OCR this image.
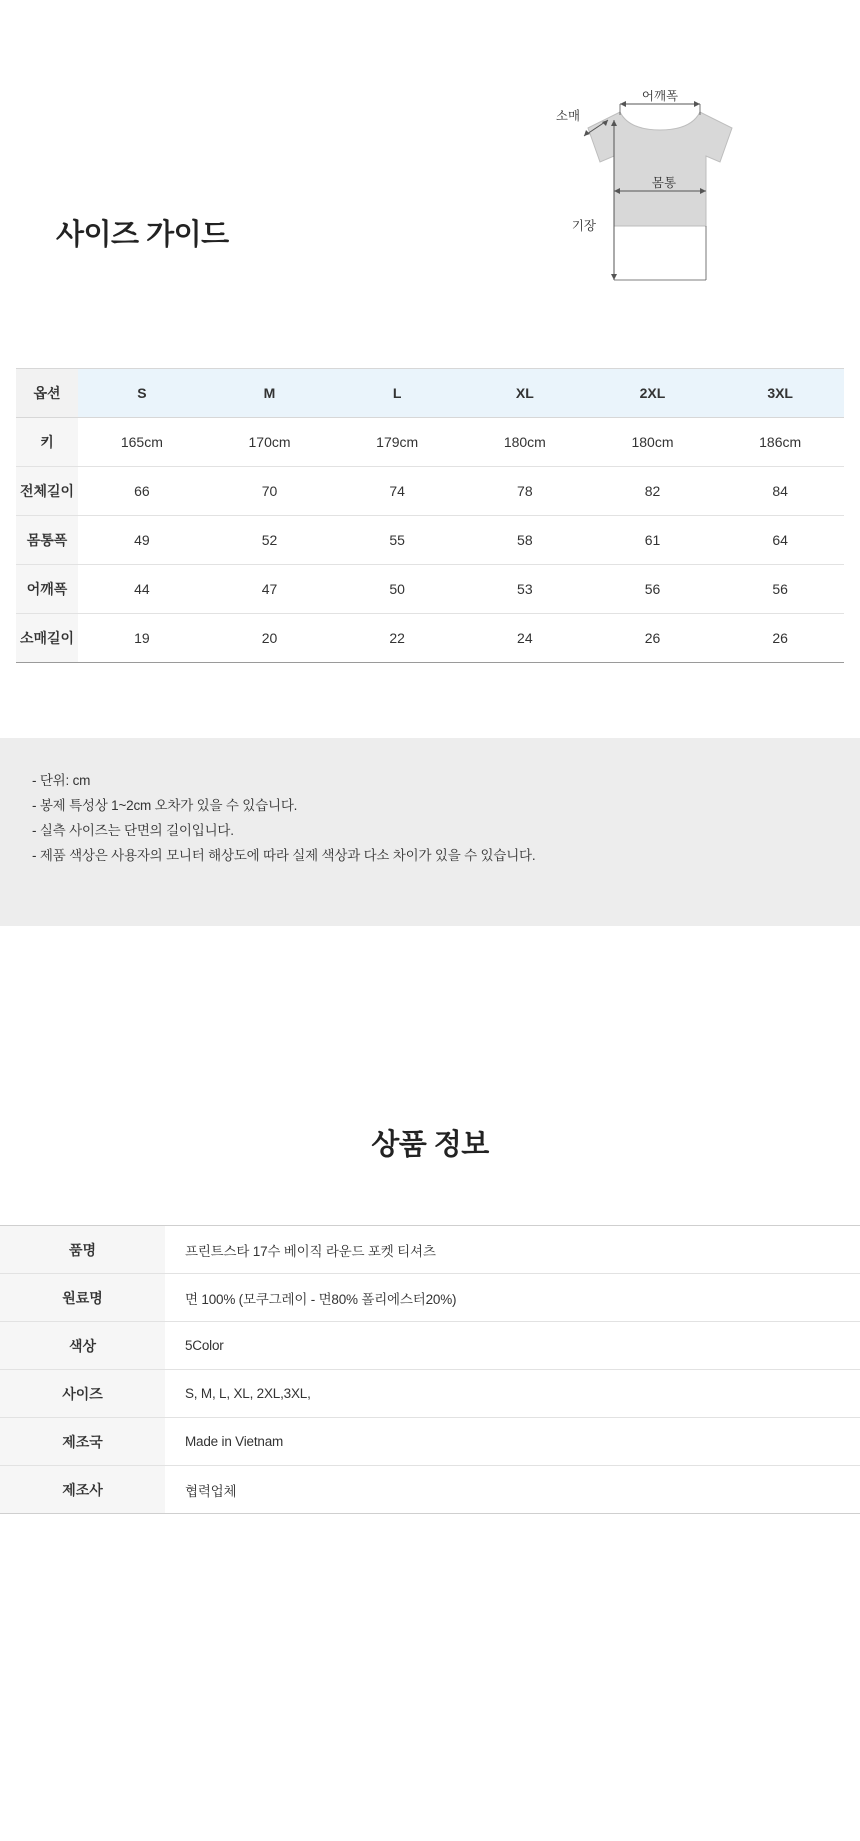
사이즈 가이드
어깨폭
소매
몸통
기장
옵션	S	M	L	XL	2XL	3XL
키	165cm	170cm	179cm	180cm	180cm	186cm
전체길이	66	70	74	78	82	84
몸통폭	49	52	55	58	61	64
어깨폭	44	47	50	53	56	56
소매길이	19	20	22	24	26	26
- 단위: cm
- 봉제 특성상 1~2cm 오차가 있을 수 있습니다.
- 실측 사이즈는 단면의 길이입니다.
- 제품 색상은 사용자의 모니터 해상도에 따라 실제 색상과 다소 차이가 있을 수 있습니다.
상품 정보
품명	프린트스타 17수 베이직 라운드 포켓 티셔츠
원료명	면 100% (모쿠그레이 - 면80% 폴리에스터20%)
색상	5Color
사이즈	S, M, L, XL, 2XL,3XL,
제조국	Made in Vietnam
제조사	협력업체
